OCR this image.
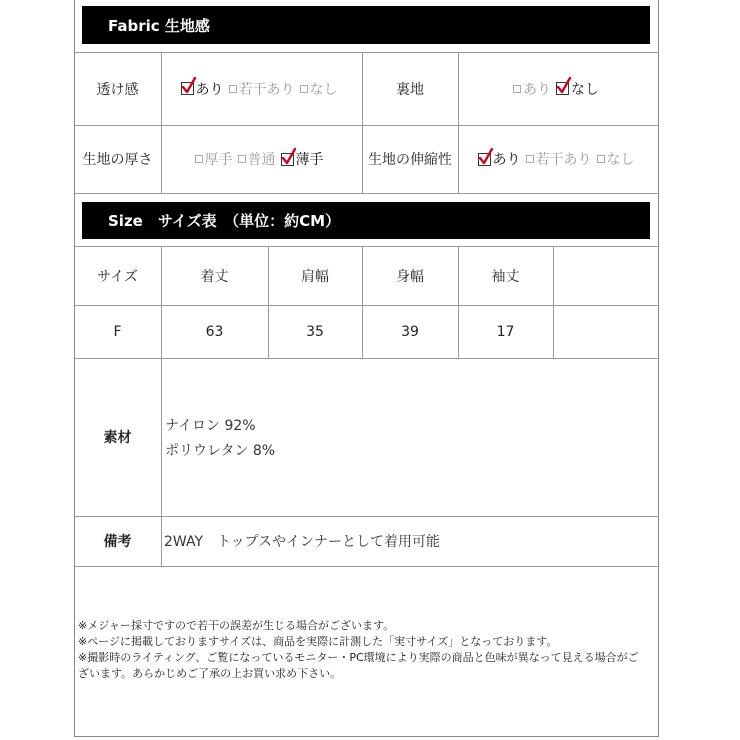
Fabric 生地感
透け感	あり 若干あり なし	裏地	あり なし
生地の厚さ	厚手 普通 薄手	生地の伸縮性	あり 若干あり なし
Size　サイズ表　（単位：約CM）
サイズ	着丈	肩幅	身幅	袖丈
F	63	35	39	17
素材
ナイロン 92%
ポリウレタン 8%
備考	2WAY　トップスやインナーとして着用可能
※メジャー採寸ですので若干の誤差が生じる場合がございます。
※ページに掲載しておりますサイズは、商品を実際に計測した「実寸サイズ」となっております。
※撮影時のライティング、ご覧になっているモニター・PC環境により実際の商品と色味が異なって見える場合がご
ざいます。あらかじめご了承の上お買い求め下さい。
